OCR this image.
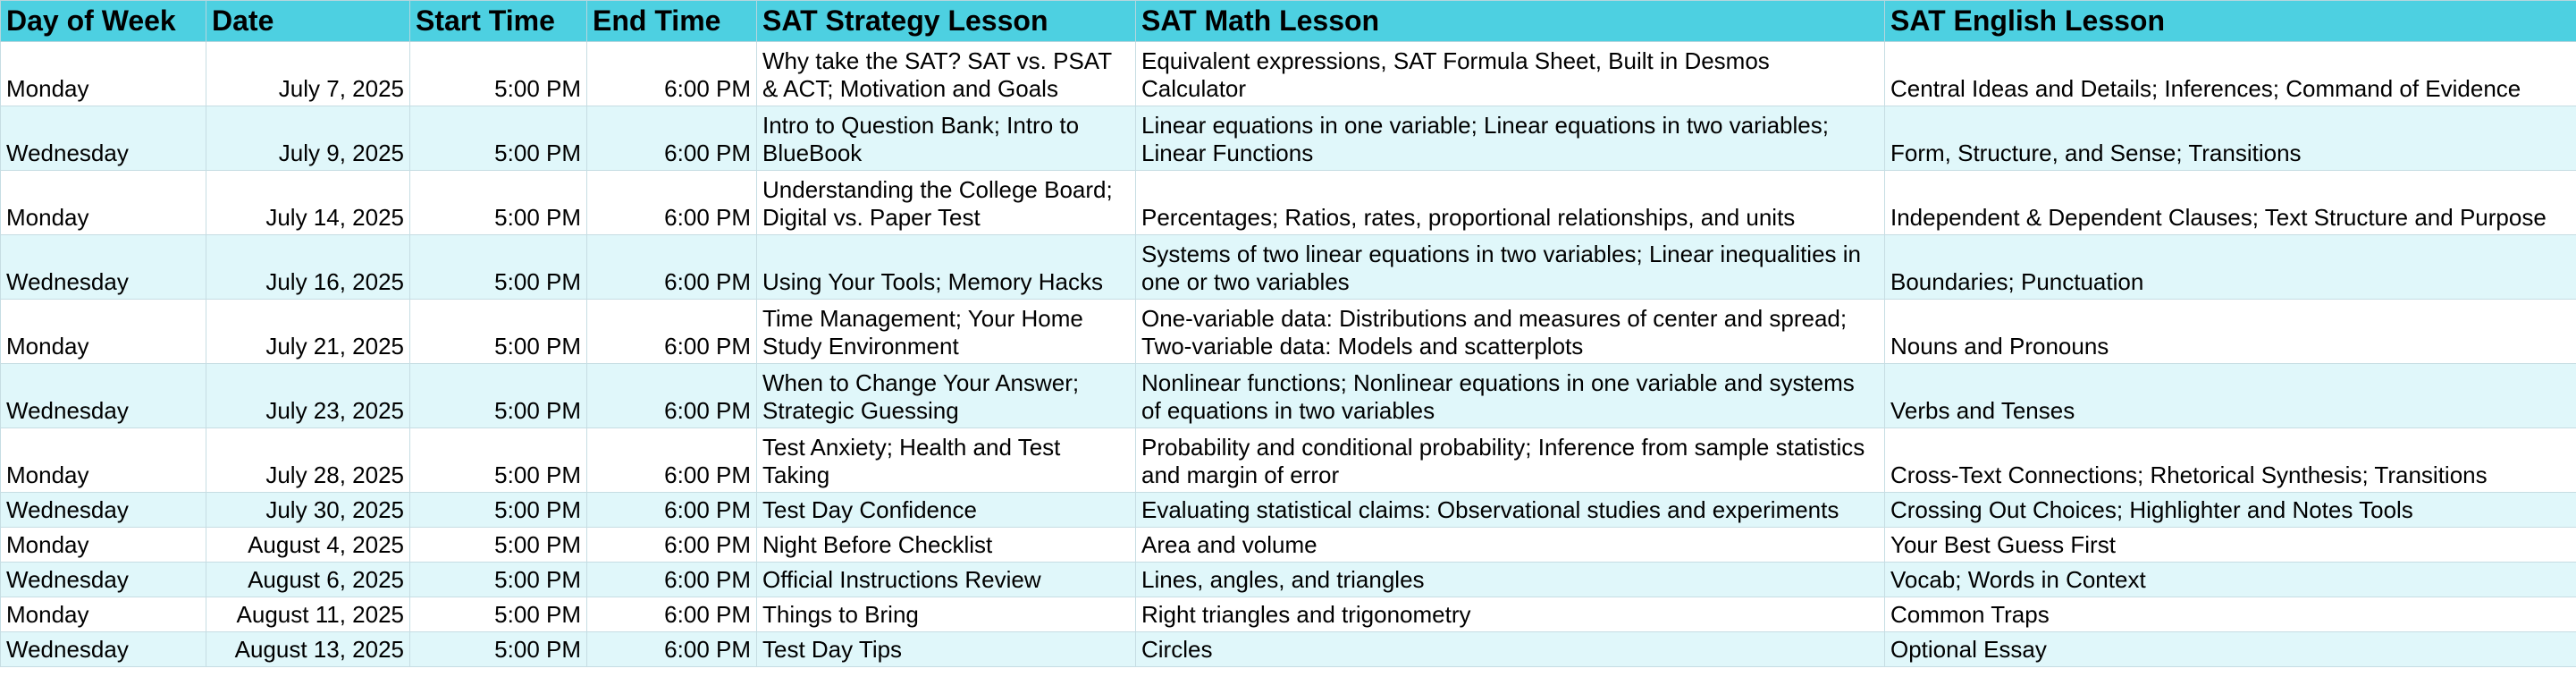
Day of Week	Date	Start Time	End Time	SAT Strategy Lesson	SAT Math Lesson	SAT English Lesson
Monday	July 7, 2025	5:00 PM	6:00 PM	Why take the SAT? SAT vs. PSAT & ACT; Motivation and Goals	Equivalent expressions, SAT Formula Sheet, Built in Desmos Calculator	Central Ideas and Details; Inferences; Command of Evidence
Wednesday	July 9, 2025	5:00 PM	6:00 PM	Intro to Question Bank; Intro to BlueBook	Linear equations in one variable; Linear equations in two variables; Linear Functions	Form, Structure, and Sense; Transitions
Monday	July 14, 2025	5:00 PM	6:00 PM	Understanding the College Board; Digital vs. Paper Test	Percentages; Ratios, rates, proportional relationships, and units	Independent & Dependent Clauses; Text Structure and Purpose
Wednesday	July 16, 2025	5:00 PM	6:00 PM	Using Your Tools; Memory Hacks	Systems of two linear equations in two variables; Linear inequalities in one or two variables	Boundaries; Punctuation
Monday	July 21, 2025	5:00 PM	6:00 PM	Time Management; Your Home Study Environment	One-variable data: Distributions and measures of center and spread; Two-variable data: Models and scatterplots	Nouns and Pronouns
Wednesday	July 23, 2025	5:00 PM	6:00 PM	When to Change Your Answer; Strategic Guessing	Nonlinear functions; Nonlinear equations in one variable and systems of equations in two variables	Verbs and Tenses
Monday	July 28, 2025	5:00 PM	6:00 PM	Test Anxiety; Health and Test Taking	Probability and conditional probability; Inference from sample statistics and margin of error	Cross-Text Connections; Rhetorical Synthesis; Transitions
Wednesday	July 30, 2025	5:00 PM	6:00 PM	Test Day Confidence	Evaluating statistical claims: Observational studies and experiments	Crossing Out Choices; Highlighter and Notes Tools
Monday	August 4, 2025	5:00 PM	6:00 PM	Night Before Checklist	Area and volume	Your Best Guess First
Wednesday	August 6, 2025	5:00 PM	6:00 PM	Official Instructions Review	Lines, angles, and triangles	Vocab; Words in Context
Monday	August 11, 2025	5:00 PM	6:00 PM	Things to Bring	Right triangles and trigonometry	Common Traps
Wednesday	August 13, 2025	5:00 PM	6:00 PM	Test Day Tips	Circles	Optional Essay
